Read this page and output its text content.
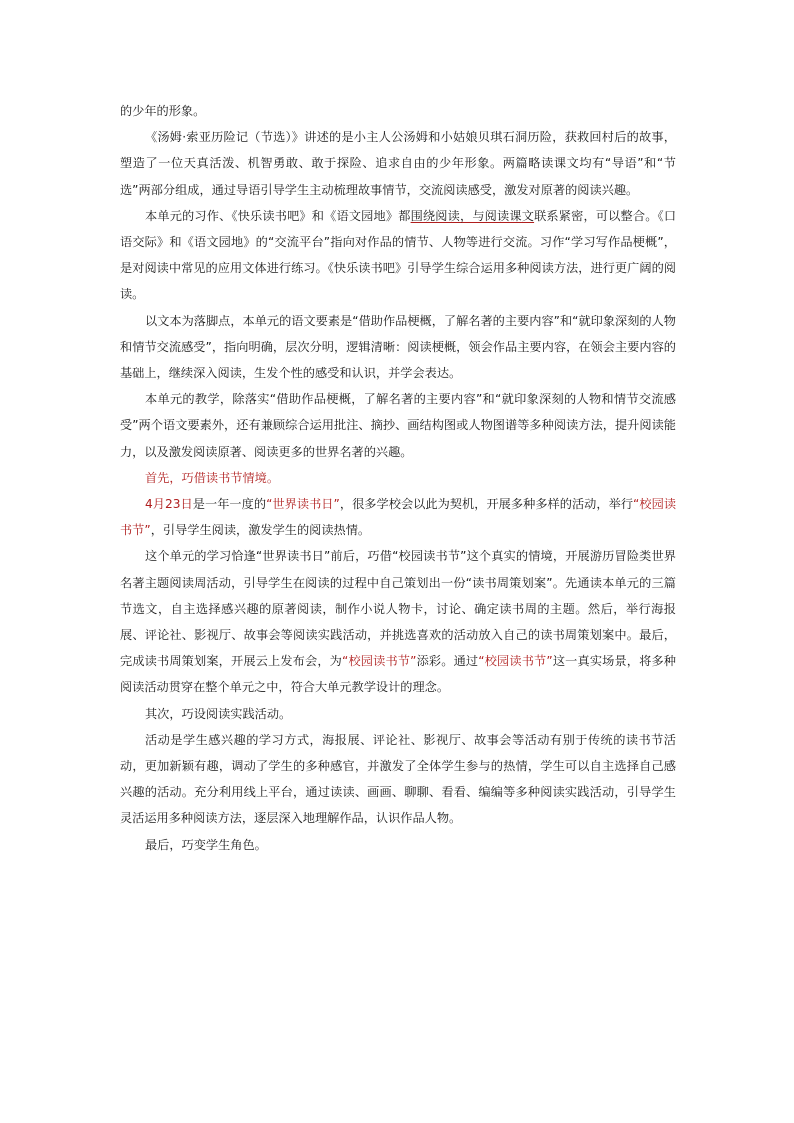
的少年的形象。

《汤姆·索亚历险记（节选）》讲述的是小主人公汤姆和小姑娘贝琪石洞历险，获救回村后的故事，塑造了一位天真活泼、机智勇敢、敢于探险、追求自由的少年形象。两篇略读课文均有“导语”和“节选”两部分组成，通过导语引导学生主动梳理故事情节，交流阅读感受，激发对原著的阅读兴趣。

本单元的习作、《快乐读书吧》和《语文园地》都围绕阅读，与阅读课文联系紧密，可以整合。《口语交际》和《语文园地》的“交流平台”指向对作品的情节、人物等进行交流。习作“学习写作品梗概”，是对阅读中常见的应用文体进行练习。《快乐读书吧》引导学生综合运用多种阅读方法，进行更广阔的阅读。

以文本为落脚点，本单元的语文要素是“借助作品梗概，了解名著的主要内容”和“就印象深刻的人物和情节交流感受”，指向明确，层次分明，逻辑清晰：阅读梗概，领会作品主要内容，在领会主要内容的基础上，继续深入阅读，生发个性的感受和认识，并学会表达。

本单元的教学，除落实“借助作品梗概，了解名著的主要内容”和“就印象深刻的人物和情节交流感受”两个语文要素外，还有兼顾综合运用批注、摘抄、画结构图或人物图谱等多种阅读方法，提升阅读能力，以及激发阅读原著、阅读更多的世界名著的兴趣。

首先，巧借读书节情境。

4月23日是一年一度的“世界读书日”，很多学校会以此为契机，开展多种多样的活动，举行“校园读书节”，引导学生阅读，激发学生的阅读热情。

这个单元的学习恰逢“世界读书日”前后，巧借“校园读书节”这个真实的情境，开展游历冒险类世界名著主题阅读周活动，引导学生在阅读的过程中自己策划出一份“读书周策划案”。先通读本单元的三篇节选文，自主选择感兴趣的原著阅读，制作小说人物卡，讨论、确定读书周的主题。然后，举行海报展、评论社、影视厅、故事会等阅读实践活动，并挑选喜欢的活动放入自己的读书周策划案中。最后，完成读书周策划案，开展云上发布会，为“校园读书节”添彩。通过“校园读书节”这一真实场景，将多种阅读活动贯穿在整个单元之中，符合大单元教学设计的理念。

其次，巧设阅读实践活动。

活动是学生感兴趣的学习方式，海报展、评论社、影视厅、故事会等活动有别于传统的读书节活动，更加新颖有趣，调动了学生的多种感官，并激发了全体学生参与的热情，学生可以自主选择自己感兴趣的活动。充分利用线上平台，通过读读、画画、聊聊、看看、编编等多种阅读实践活动，引导学生灵活运用多种阅读方法，逐层深入地理解作品，认识作品人物。

最后，巧变学生角色。
